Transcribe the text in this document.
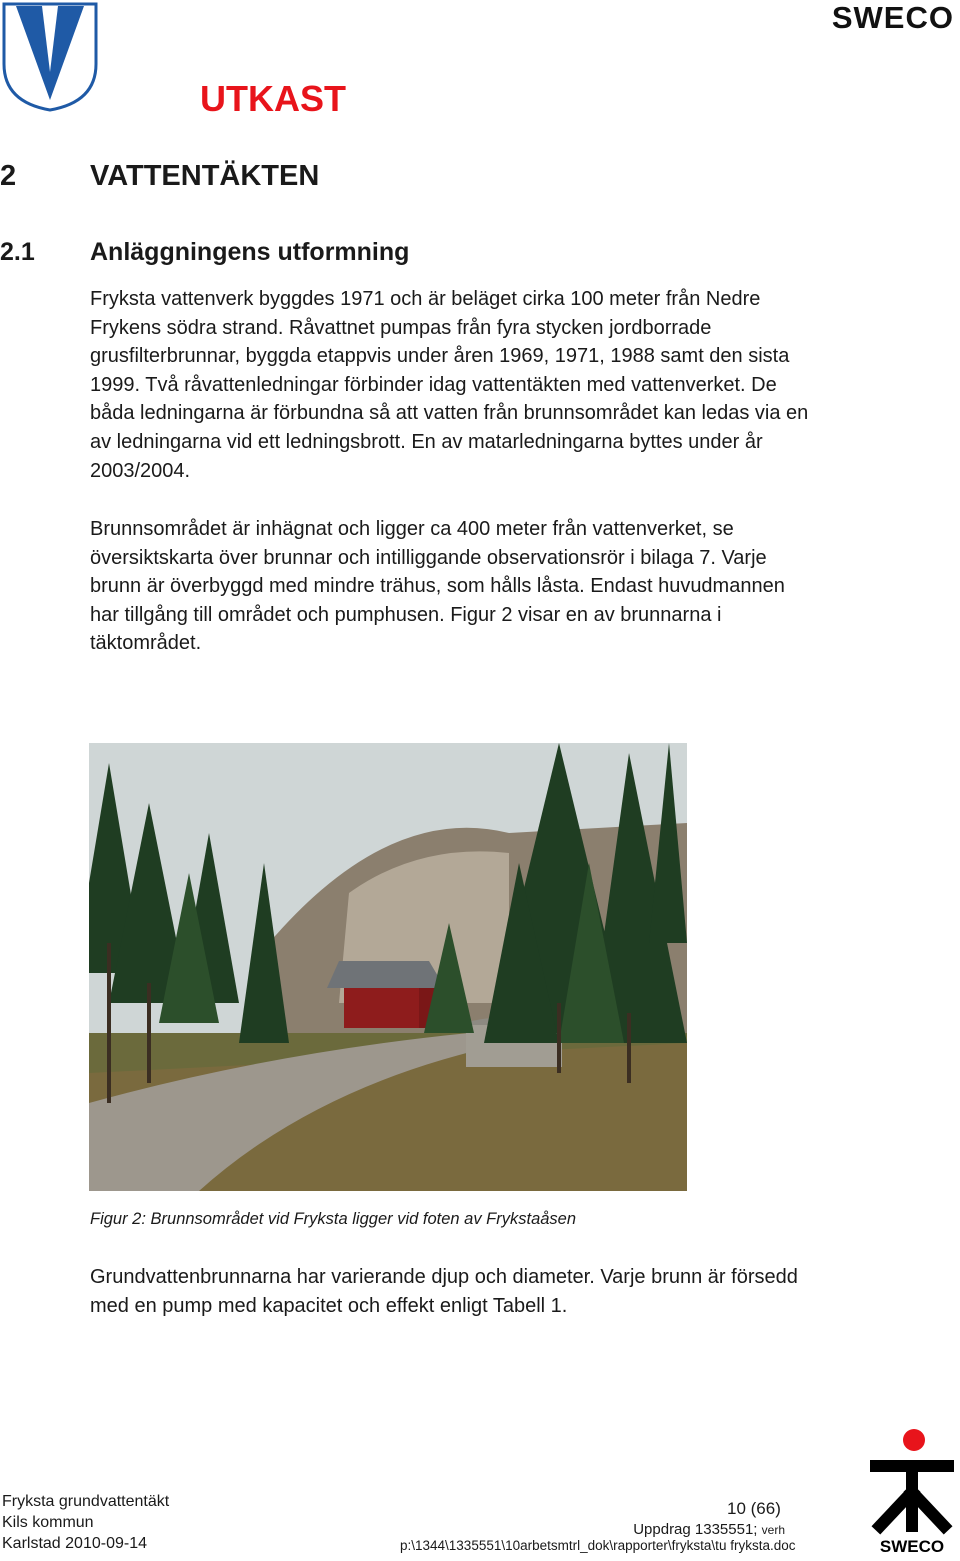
SWECO
UTKAST
2	VATTENTÄKTEN
2.1 Anläggningens utformning

Fryksta vattenverk byggdes 1971 och är beläget cirka 100 meter från Nedre Frykens södra strand. Råvattnet pumpas från fyra stycken jordborrade grusfilterbrunnar, byggda etappvis under åren 1969, 1971, 1988 samt den sista 1999. Två råvattenledningar förbinder idag vattentäkten med vattenverket. De båda ledningarna är förbundna så att vatten från brunnsområdet kan ledas via en av ledningarna vid ett ledningsbrott. En av matarledningarna byttes under år 2003/2004.

Brunnsområdet är inhägnat och ligger ca 400 meter från vattenverket, se översiktskarta över brunnar och intilliggande observationsrör i bilaga 7. Varje brunn är överbyggd med mindre trähus, som hålls låsta. Endast huvudmannen har tillgång till området och pumphusen. Figur 2 visar en av brunnarna i täktområdet.

Figur 2: Brunnsområdet vid Fryksta ligger vid foten av Frykstaåsen

Grundvattenbrunnarna har varierande djup och diameter. Varje brunn är försedd med en pump med kapacitet och effekt enligt Tabell 1.

Fryksta grundvattentäkt
Kils kommun
Karlstad 2010-09-14
10 (66)
Uppdrag 1335551; verh
p:\1344\1335551\10arbetsmtrl_dok\rapporter\fryksta\tu fryksta.doc	SWECO
